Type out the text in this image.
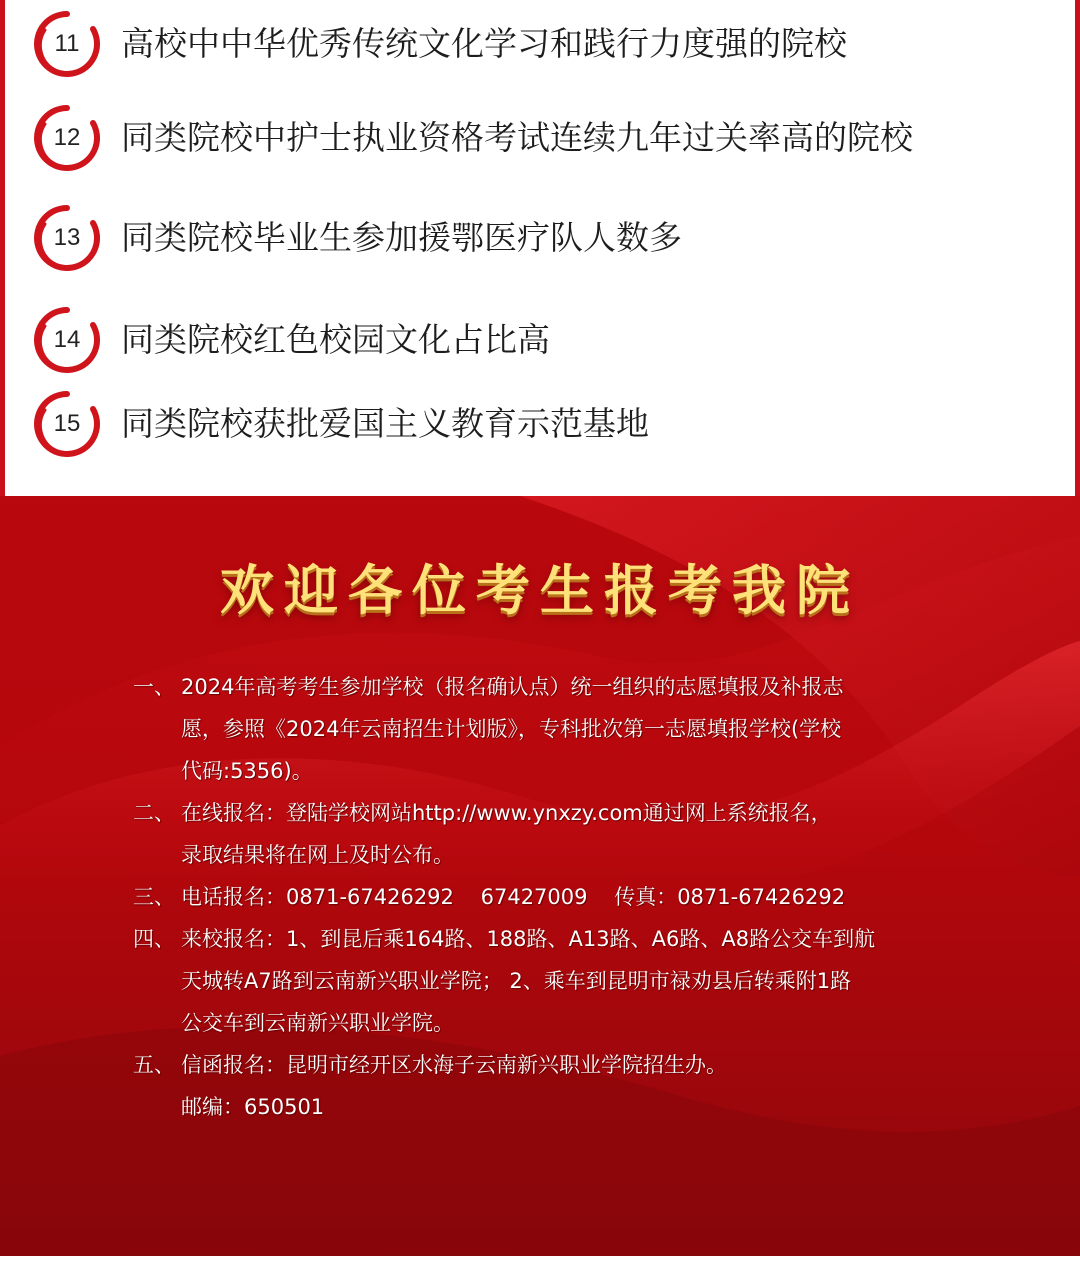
11	高校中中华优秀传统文化学习和践行力度强的院校
12	同类院校中护士执业资格考试连续九年过关率高的院校
13	同类院校毕业生参加援鄂医疗队人数多
14	同类院校红色校园文化占比高
15	同类院校获批爱国主义教育示范基地
欢迎各位考生报考我院
一、 2024年高考考生参加学校（报名确认点）统一组织的志愿填报及补报志
愿，参照《2024年云南招生计划版》，专科批次第一志愿填报学校(学校
代码:5356)。
二、 在线报名：登陆学校网站http://www.ynxzy.com通过网上系统报名，
录取结果将在网上及时公布。
三、 电话报名：0871-67426292    67427009    传真：0871-67426292
四、 来校报名：1、到昆后乘164路、188路、A13路、A6路、A8路公交车到航
天城转A7路到云南新兴职业学院； 2、乘车到昆明市禄劝县后转乘附1路
公交车到云南新兴职业学院。
五、 信函报名：昆明市经开区水海子云南新兴职业学院招生办。
邮编：650501
